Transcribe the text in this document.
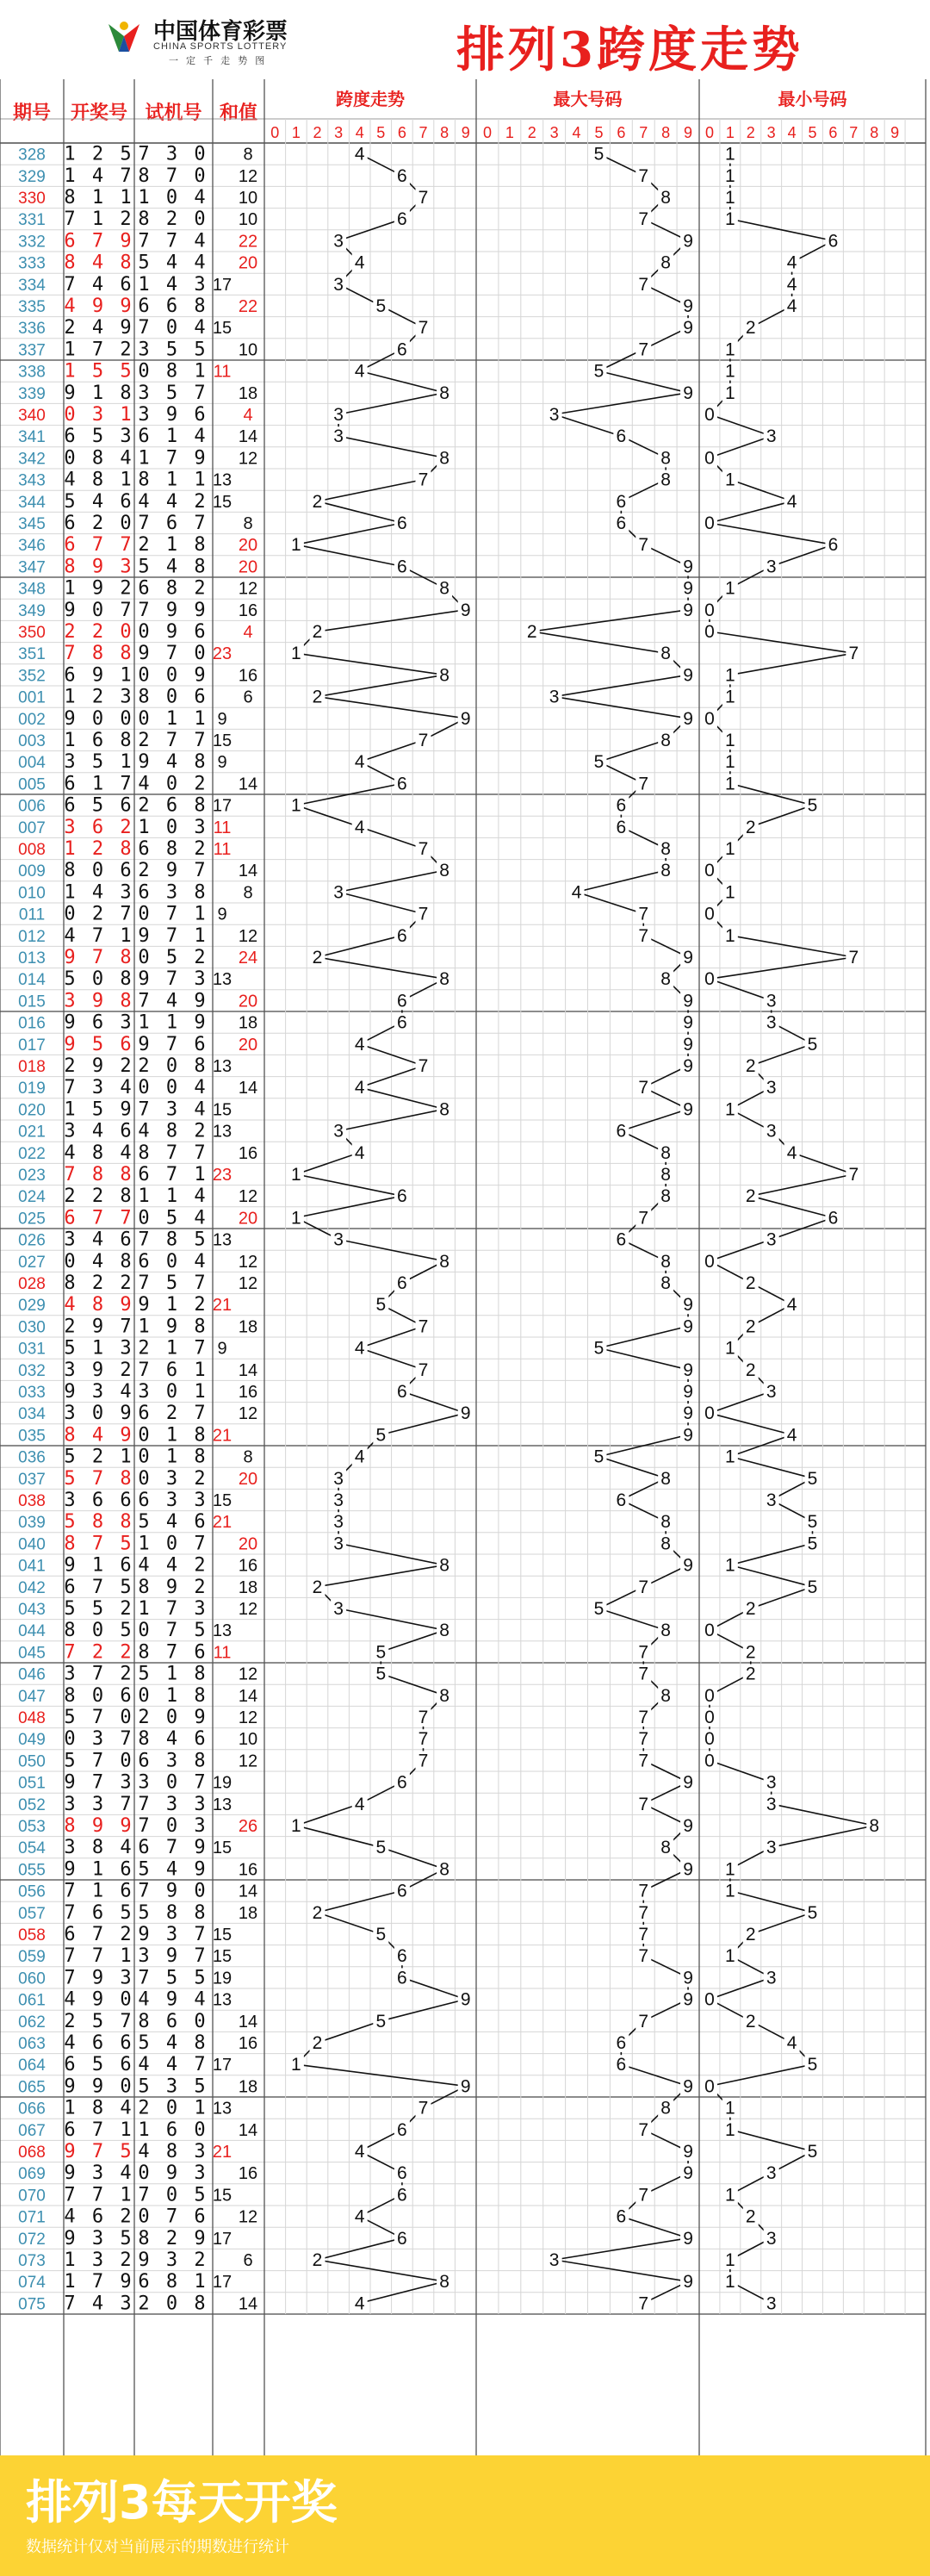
中国体育彩票
CHINA SPORTS LOTTERY
一 定 千 走 势 图	排列3跨度走势
期号 开奖号 试机号 和值
跨度走势
0 1 2 3 4 5 6 7 8 9
最大号码
0 1 2 3 4 5 6 7 8 9
最小号码
0 1 2 3 4 5 6 7 8 9
328 1 2 5 7 3 0 8
329 1 4 7 8 7 0 12
330 8 1 1 1 0 4 10
331 7 1 2 8 2 0 10
332 6 7 9 7 7 4 22
333 8 4 8 5 4 4 20
334 7 4 6 1 4 3 17
335 4 9 9 6 6 8 22
336 2 4 9 7 0 4 15
337 1 7 2 3 5 5 10
338 1 5 5 0 8 1 11
339 9 1 8 3 5 7 18
340 0 3 1 3 9 6 4
341 6 5 3 6 1 4 14
342 0 8 4 1 7 9 12
343 4 8 1 8 1 1 13
344 5 4 6 4 4 2 15
345 6 2 0 7 6 7 8
346 6 7 7 2 1 8 20
347 8 9 3 5 4 8 20
348 1 9 2 6 8 2 12
349 9 0 7 7 9 9 16
350 2 2 0 0 9 6 4
351 7 8 8 9 7 0 23
352 6 9 1 0 0 9 16
001 1 2 3 8 0 6 6
002 9 0 0 0 1 1 9
003 1 6 8 2 7 7 15
004 3 5 1 9 4 8 9
005 6 1 7 4 0 2 14
006 6 5 6 2 6 8 17
007 3 6 2 1 0 3 11
008 1 2 8 6 8 2 11
009 8 0 6 2 9 7 14
010 1 4 3 6 3 8 8
011 0 2 7 0 7 1 9
012 4 7 1 9 7 1 12
013 9 7 8 0 5 2 24
014 5 0 8 9 7 3 13
015 3 9 8 7 4 9 20
016 9 6 3 1 1 9 18
017 9 5 6 9 7 6 20
018 2 9 2 2 0 8 13
019 7 3 4 0 0 4 14
020 1 5 9 7 3 4 15
021 3 4 6 4 8 2 13
022 4 8 4 8 7 7 16
023 7 8 8 6 7 1 23
024 2 2 8 1 1 4 12
025 6 7 7 0 5 4 20
026 3 4 6 7 8 5 13
027 0 4 8 6 0 4 12
028 8 2 2 7 5 7 12
029 4 8 9 9 1 2 21
030 2 9 7 1 9 8 18
031 5 1 3 2 1 7 9
032 3 9 2 7 6 1 14
033 9 3 4 3 0 1 16
034 3 0 9 6 2 7 12
035 8 4 9 0 1 8 21
036 5 2 1 0 1 8 8
037 5 7 8 0 3 2 20
038 3 6 6 6 3 3 15
039 5 8 8 5 4 6 21
040 8 7 5 1 0 7 20
041 9 1 6 4 4 2 16
042 6 7 5 8 9 2 18
043 5 5 2 1 7 3 12
044 8 0 5 0 7 5 13
045 7 2 2 8 7 6 11
046 3 7 2 5 1 8 12
047 8 0 6 0 1 8 14
048 5 7 0 2 0 9 12
049 0 3 7 8 4 6 10
050 5 7 0 6 3 8 12
051 9 7 3 3 0 7 19
052 3 3 7 7 3 3 13
053 8 9 9 7 0 3 26
054 3 8 4 6 7 9 15
055 9 1 6 5 4 9 16
056 7 1 6 7 9 0 14
057 7 6 5 5 8 8 18
058 6 7 2 9 3 7 15
059 7 7 1 3 9 7 15
060 7 9 3 7 5 5 19
061 4 9 0 4 9 4 13
062 2 5 7 8 6 0 14
063 4 6 6 5 4 8 16
064 6 5 6 4 4 7 17
065 9 9 0 5 3 5 18
066 1 8 4 2 0 1 13
067 6 7 1 1 6 0 14
068 9 7 5 4 8 3 21
069 9 3 4 0 9 3 16
070 7 7 1 7 0 5 15
071 4 6 2 0 7 6 12
072 9 3 5 8 2 9 17
073 1 3 2 9 3 2 6
074 1 7 9 6 8 1 17
075 7 4 3 2 0 8 14
4
6
7
6
3
4
3
5
7
6
4
8
3
3
8
7
2
6
1
6
8
9
2
1
8
2
9
7
4
6
1
4
7
8
3
7
6
2
8
6
6
4
7
4
8
3
4
1
6
1
3
8
6
5
7
4
7
6
9
5
4
3
3
3
3
8
2
3
8
5
5
8
7
7
7
6
4
1
5
8
6
2
5
6
6
9
5
2
1
9
7
6
4
6
6
4
6
2
8
4
5
7
8
7
9
8
7
9
9
7
5
9
3
6
8
8
6
6
7
9
9
9
2
8
9
3
9
8
5
7
6
6
8
8
4
7
7
9
8
9
9
9
9
7
9
6
8
8
8
7
6
8
8
9
9
5
9
9
9
9
5
8
6
8
8
9
7
5
8
7
7
8
7
7
7
9
7
9
8
9
7
7
7
7
9
9
7
6
6
9
8
7
9
9
7
6
9
3
9
7
1
1
1
1
6
4
4
4
2
1
1
1
0
3
0
1
4
0
6
3
1
0
0
7
1
1
0
1
1
1
5
2
1
0
1
0
1
7
0
3
3
5
2
3
1
3
4
7
2
6
3
0
2
4
2
1
2
3
0
4
1
5
3
5
5
1
5
2
0
2
2
0
0
0
0
3
3
8
3
1
1
5
2
1
3
0
2
4
5
0
1
1
5
3
1
2
3
1
1
3
排列3每天开奖
数据统计仅对当前展示的期数进行统计
